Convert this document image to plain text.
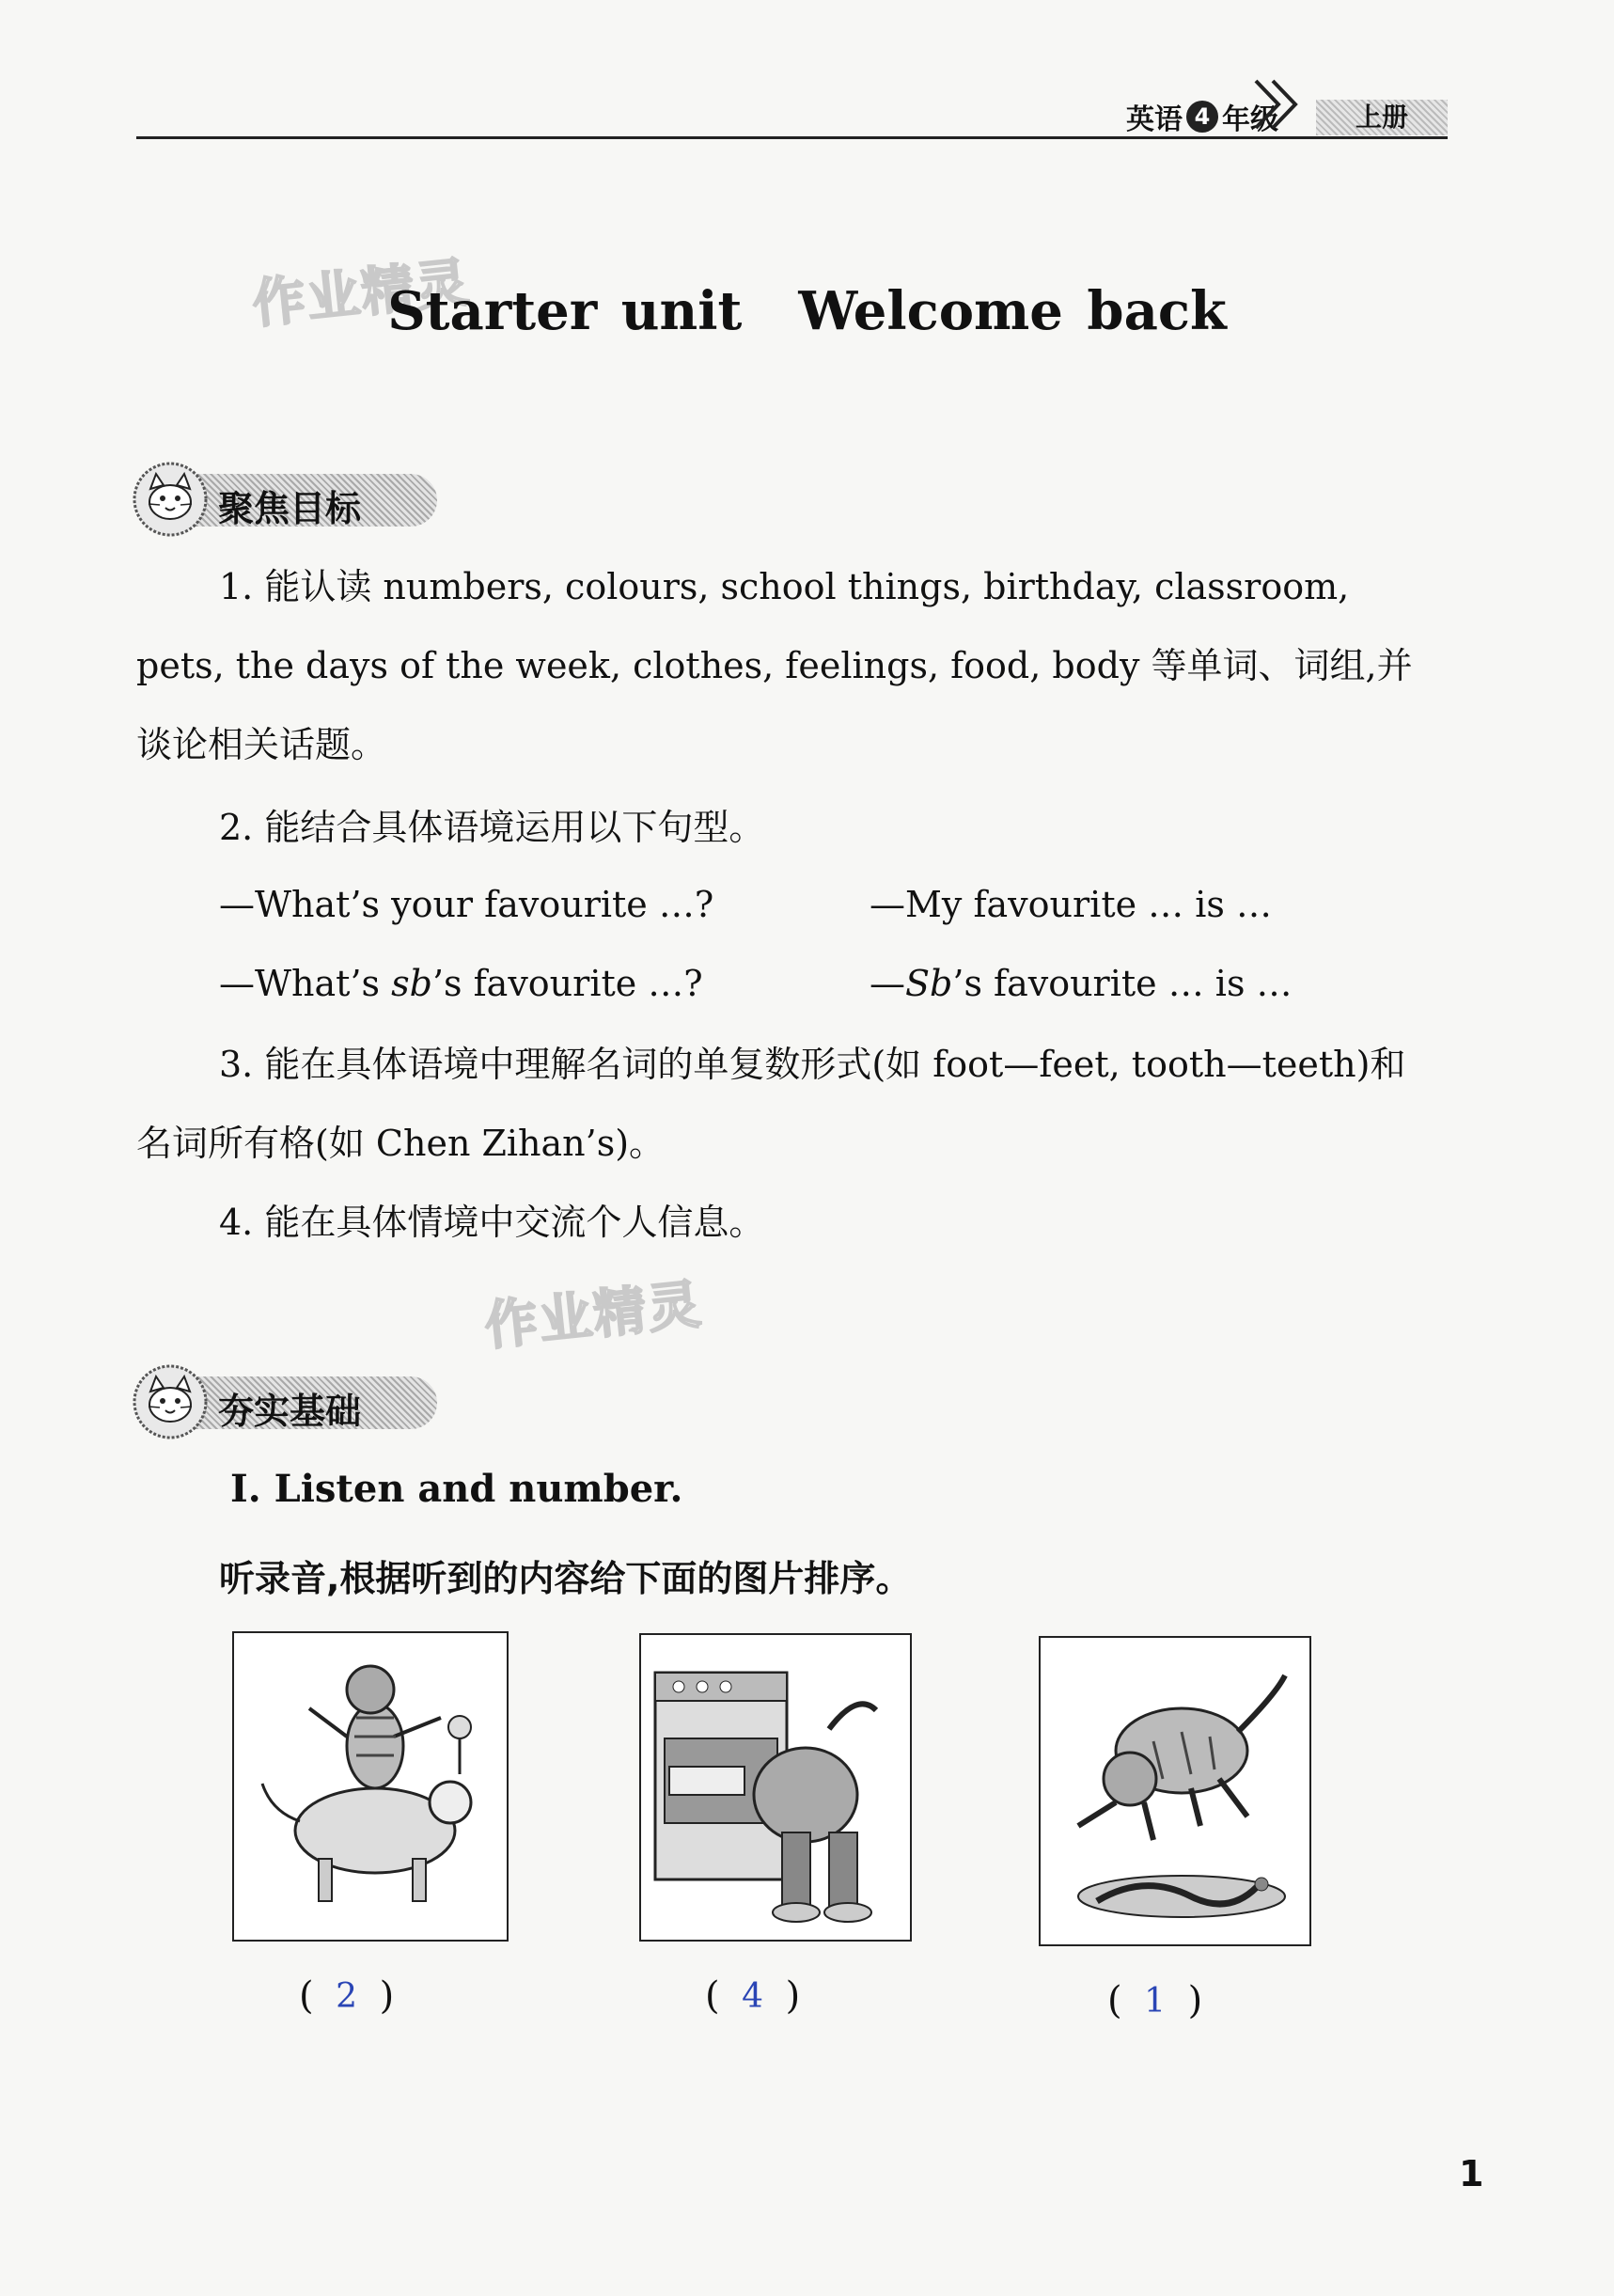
英语 4 年级	上册
作业精灵
作业精灵
Starter unit Welcome back
聚焦目标
1. 能认读 numbers, colours, school things, birthday, classroom, pets, the days of the week, clothes, feelings, food, body 等单词、词组,并谈论相关话题。
2. 能结合具体语境运用以下句型。
—What’s your favourite …?	—My favourite … is …
—What’s sb’s favourite …?	—Sb’s favourite … is …
3. 能在具体语境中理解名词的单复数形式(如 foot—feet, tooth—teeth)和名词所有格(如 Chen Zihan’s)。
4. 能在具体情境中交流个人信息。
夯实基础
Ⅰ. Listen and number.
听录音,根据听到的内容给下面的图片排序。
( 2 )	( 4 )	( 1 )
1
